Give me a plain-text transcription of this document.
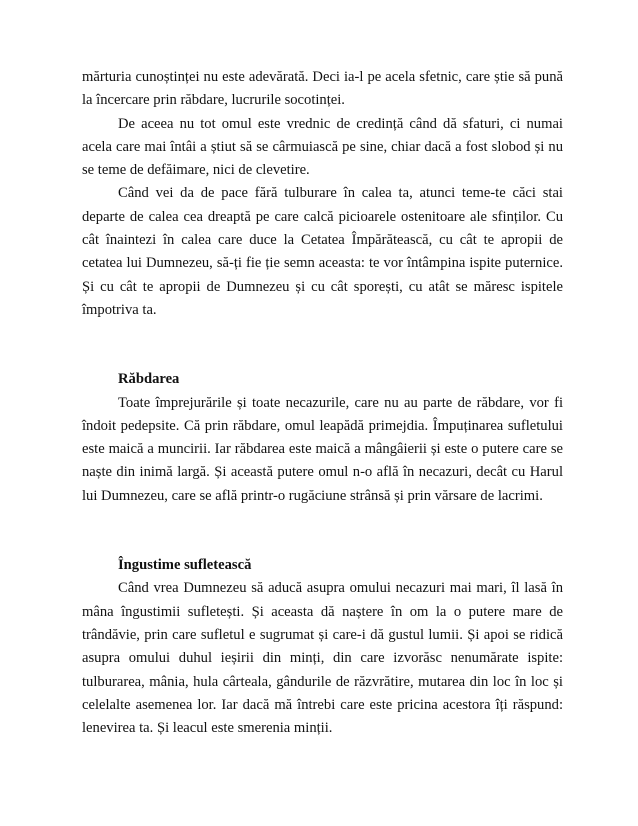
mărturia cunoștinței nu este adevărată. Deci ia-l pe acela sfetnic, care știe să pună la încercare prin răbdare, lucrurile socotinței.

De aceea nu tot omul este vrednic de credință când dă sfaturi, ci numai acela care mai întâi a știut să se cârmuiască pe sine, chiar dacă a fost slobod și nu se teme de defăimare, nici de clevetire.

Când vei da de pace fără tulburare în calea ta, atunci teme-te căci stai departe de calea cea dreaptă pe care calcă picioarele ostenitoare ale sfinților. Cu cât înaintezi în calea care duce la Cetatea Împărătească, cu cât te apropii de cetatea lui Dumnezeu, să-ți fie ție semn aceasta: te vor întâmpina ispite puternice. Și cu cât te apropii de Dumnezeu și cu cât sporești, cu atât se măresc ispitele împotriva ta.

Răbdarea

Toate împrejurările și toate necazurile, care nu au parte de răbdare, vor fi îndoit pedepsite. Că prin răbdare, omul leapădă primejdia. Împuținarea sufletului este maică a muncirii. Iar răbdarea este maică a mângâierii și este o putere care se naște din inimă largă. Și această putere omul n-o află în necazuri, decât cu Harul lui Dumnezeu, care se află printr-o rugăciune strânsă și prin vărsare de lacrimi.

Îngustime sufletească

Când vrea Dumnezeu să aducă asupra omului necazuri mai mari, îl lasă în mâna îngustimii sufletești. Și aceasta dă naștere în om la o putere mare de trândăvie, prin care sufletul e sugrumat și care-i dă gustul lumii. Și apoi se ridică asupra omului duhul ieșirii din minți, din care izvorăsc nenumărate ispite: tulburarea, mânia, hula cârteala, gândurile de răzvrătire, mutarea din loc în loc și celelalte asemenea lor. Iar dacă mă întrebi care este pricina acestora îți răspund: lenevirea ta. Și leacul este smerenia minții.
